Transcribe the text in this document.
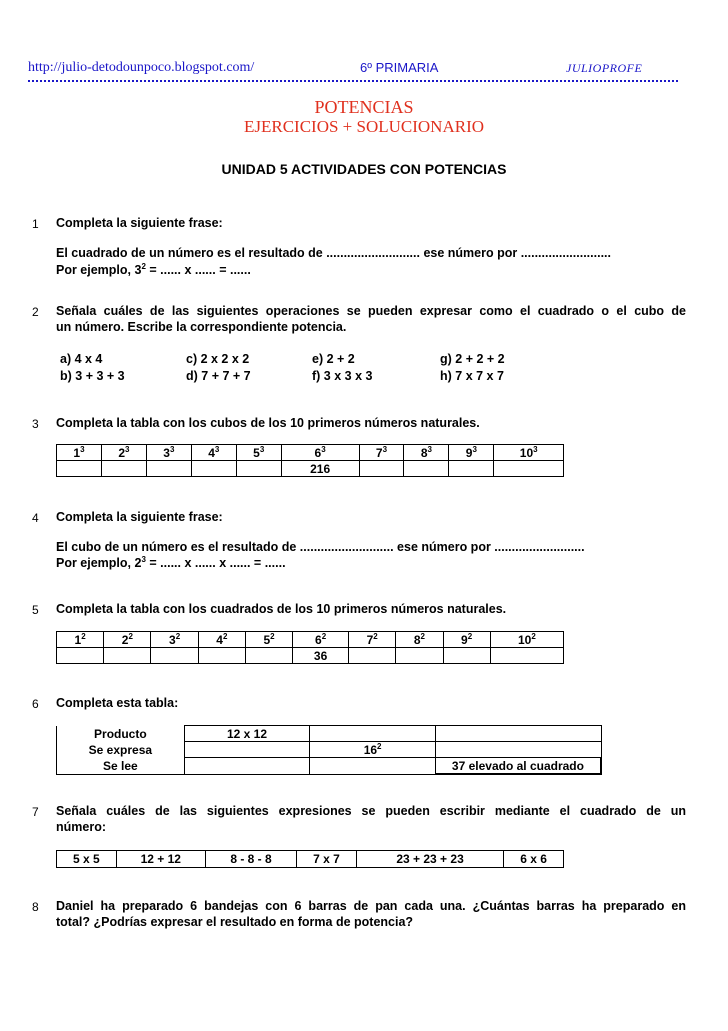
http://julio-detodounpoco.blogspot.com/	6º PRIMARIA	JULIOPROFE
POTENCIAS
EJERCICIOS + SOLUCIONARIO
UNIDAD 5 ACTIVIDADES CON POTENCIAS
1 Completa la siguiente frase:
El cuadrado de un número es el resultado de ........................... ese número por ..........................
Por ejemplo, $3^2$ = ...... x ...... = ......
2 Señala cuáles de las siguientes operaciones se pueden expresar como el cuadrado o el cubo de
un número. Escribe la correspondiente potencia.
a) 4 x 4	c) 2 x 2 x 2	e) 2 + 2	g) 2 + 2 + 2
b) 3 + 3 + 3	d) 7 + 7 + 7	f) 3 x 3 x 3	h) 7 x 7 x 7
3 Completa la tabla con los cubos de los 10 primeros números naturales.
$1^3$	$2^3$	$3^3$	$4^3$	$5^3$	$6^3$	$7^3$	$8^3$	$9^3$	$10^3$
					216				
4 Completa la siguiente frase:
El cubo de un número es el resultado de ........................... ese número por ..........................
Por ejemplo, $2^3$ = ...... x ...... x ...... = ......
5 Completa la tabla con los cuadrados de los 10 primeros números naturales.
$1^2$	$2^2$	$3^2$	$4^2$	$5^2$	$6^2$	$7^2$	$8^2$	$9^2$	$10^2$
					36				
6 Completa esta tabla:
Producto	12 x 12		
Se expresa		$16^2$	
Se lee			37 elevado al cuadrado
7 Señala cuáles de las siguientes expresiones se pueden escribir mediante el cuadrado de un
número:
5 x 5	12 + 12	8 - 8 - 8	7 x 7	23 + 23 + 23	6 x 6
8 Daniel ha preparado 6 bandejas con 6 barras de pan cada una. ¿Cuántas barras ha preparado en
total? ¿Podrías expresar el resultado en forma de potencia?
